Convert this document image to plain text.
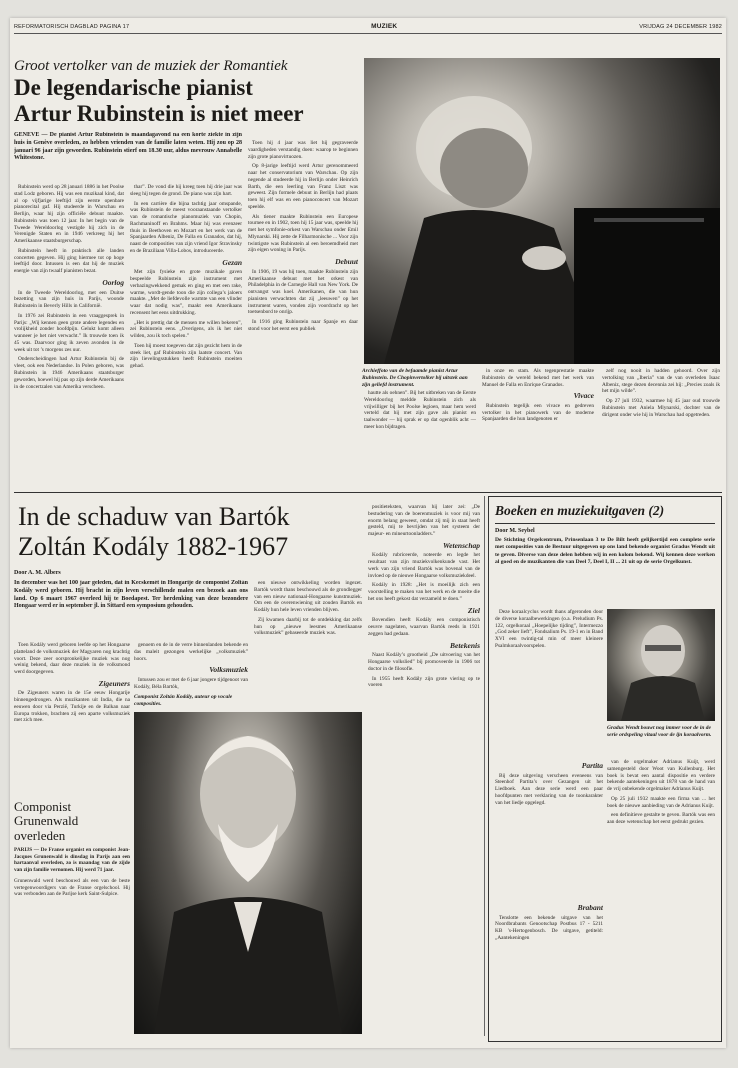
REFORMATORISCH DAGBLAD PAGINA 17	MUZIEK	VRIJDAG 24 DECEMBER 1982
Groot vertolker van de muziek der Romantiek
De legendarische pianist
Artur Rubinstein is niet meer
GENEVE — De pianist Artur Rubinstein is maandagavond na een korte ziekte in zijn huis in Genève overleden, zo hebben vrienden van de familie laten weten. Hij zou op 28 januari 96 jaar zijn geworden. Rubinstein stierf om 18.30 uur, aldus mevrouw Annabelle Whitestone.

Rubinstein werd op 28 januari 1886 in het Poolse stad Lodz geboren. Hij was een muzikaal kind, dat al op vijfjarige leeftijd zijn eerste openbare pianorecital gaf. Hij studeerde in Warschau en Berlijn, waar hij zijn officiële debuut maakte. Rubinstein was toen 12 jaar. In het begin van de Tweede Wereldoorlog vestigde hij zich in de Verenigde Staten en in 1946 verkreeg hij het Amerikaanse staatsburgerschap.

Rubinstein heeft in praktisch alle landen concerten gegeven. Hij ging hiermee tot op hoge leeftijd door. Intussen is een dat hij de muziek energie van zijn twaalf pianisten bezat.

Oorlog

In de Tweede Wereldoorlog, met een Duitse bezetting van zijn huis in Parijs, woonde Rubinstein in Beverly Hills in Californië.

In 1976 zei Rubinstein in een vraaggesprek in Parijs: „Wij kennen geen grote andere legendes en vrolijkheid zonder hoofdpijn. Gelukt komt alleen wanneer je het niet verwacht.” Ik trouwde toen ik 45 was. Daarvoor ging ik zeven avonden in de week uit tot ’s morgens zes uur.

Onderscheidingen had Artur Rubinstein bij de vleet, ook een Nederlandse. In Polen geboren, was Rubinstein in 1946 Amerikaans staatsburger geworden, hoewel hij pas op zijn derde Amerikaans in de concertzalen van Amerika verscheen.

thar”. De vond die hij kreeg toen hij drie jaar was sleeg hij tegen de grond. De piano was zijn hart.

In een carrière die bijna tachtig jaar omspande, was Rubinstein de meest vooraanstaande vertolker van de romantische pianomuziek van Chopin, Rachmaninoff en Brahms. Maar hij was evenzeer thuis in Beethoven en Mozart en het werk van de Spanjaarden Albeniz, De Falla en Granados, dat hij, naast de composities van zijn vriend Igor Stravinsky en de Braziliaan Villa-Lobos, introduceerde.

Gezan

Met zijn fysieke en grote muzikale gaven bespeelde Rubinstein zijn instrument met verbazingwekkend gemak en ging en met een rake, warme, wordt-gende toon die zijn collega’s jaloers maakte. „Met de liefdevolle warmte van een vlinder waar dat nodig was”, maakt een Amerikaans recensent het eens uitdrukking.

„Het is prettig dat de mensen me willen bekeren”, zei Rubinstein eens. „Overigens, als ik het niet wilden, zou ik toch spelen.”

Toen hij moest toegeven dat zijn gezicht hem in de steek liet, gaf Rubinstein zijn laatste concert. Van zijn lievelingsstukken heeft Rubinstein moeiten gehad.

Toen hij 4 jaar was liet hij gegraveerde vaardigheden verstandig doen: waarop te beginnen zijn grote pianovirtuozen.

Op 8-jarige leeftijd werd Artur gerenommeerd naar het conservatorium van Warschau. Op zijn negende al studeerde hij in Berlijn onder Heinrich Barth, die een leerling van Franz Liszt was geweest. Zijn formele debuut in Berlijn had plaats toen hij elf was en een pianoconcert van Mozart speelde.

Als tiener maakte Rubinstein een Europese tournee en in 1902, toen hij 15 jaar was, speelde hij met het symfonie-orkest van Warschau onder Emil Mlynarski. Hij zette de Filharmonische ... Voor zijn twintigste was Rubinstein al een beroemdheid met zijn eigen woning in Parijs.

Debuut

In 1906, 19 was hij toen, maakte Rubinstein zijn Amerikaanse debuut met het orkest van Philadelphia in de Carnegie Hall van New York. De ontvangst was koel. Amerikanen, die van hun pianisten verwachtten dat zij „leeuwen” op het instrument waren, vonden zijn voordracht op het toetsenbord te onrijp.

In 1916 ging Rubinstein naar Spanje en daar stond voor het eerst een publiek

Archieffoto van de befaamde pianist Artur Rubinstein. De Chopinvertolker bij uitstek aan zijn geliefd instrument.

hautte als oehnen”. Bij het uitbreken van de Eerste Wereldoorlog meldde Rubinstein zich als vrijwilliger bij het Poolse legioen, maar hem werd verteld dat hij met zijn gave als pianist en taalwonder — hij sprak er op dat ogenblik acht — meer kon bijdragen.

in onze en stam. Als tegenprestatie maakte Rubinstein de wereld bekend met het werk van Manuel de Falla en Enrique Granados.

Vivace

Rubinstein tegelijk een vivace en gedreven vertolker in het pianowerk van de moderne Spanjaarden die hun landgenoten er

zelf nog nooit in hadden gehoord. Over zijn vertolking van „Iberia” van de van overleden Isaac Albeniz, stege dezen decennia zei hij: „Precies zoals ik het mijn wilde”.

Op 27 juli 1932, waarmee hij 45 jaar oud trouwde Rubinstein met Aniela Mlynarski, dochter van de dirigent onder wie hij in Warschau had opgetreden.

In de schaduw van Bartók
Zoltán Kodály 1882-1967
Door A. M. Albers
In december was het 100 jaar geleden, dat in Kecskemét in Hongarije de componist Zoltán Kodály werd geboren. Hij bracht in zijn leven verschillende malen een bezoek aan ons land. Op 6 maart 1967 overleed hij te Boedapest. Ter herdenking van deze bezondere Hongaar werd er in september jl. in Sittard een symposium gehouden.

Toen Kodály werd geboren leefde op het Hongaarse platteland de volksmuziek der Magyaren nog krachtig voort. Deze zeer oorspronkelijke muziek was nog weinig bekend, daar deze muziek in de volksmond werd doorgegeven.

Zigeuners

De Zigeuners waren in de 15e eeuw Hongarije binnengedrongen. Als muzikanten uit India, die na eeuwen door via Perzië, Turkije en de Balkan naar Europa trokken, brachten zij een aparte volksmuziek met zich mee.

genoem en de in de verre binnenlanden bekende en das maleit gezongen werkelijke „volksmuziek” hoors.

Volksmuziek

Intussen zou er met de 6 jaar jongere tijdgenoot van Kodály, Béla Bartók,

Componist Zoltán Kodály, auteur op vocale composities.

een nieuwe ontwikkeling worden ingezet. Bartók wordt thans beschouwd als de grondlegger van een nieuw nationaal-Hongaarse kunstmuziek. Om een de overenwiening uit zouden Bartók en Kodály hun hele leven vrienden blijven.

Zij kwamen daarbij tot de ontdekking dat zelfs hun op „nieuwe leesmes Amerikaanse volksmuziek” gebaseerde muziek was.

Componist Grunenwald overleden
PARIJS — De Franse organist en componist Jean-Jacques Grunenwald is dinsdag in Parijs aan een hartaanval overleden, zo is maandag van de zijde van zijn familie vernomen. Hij werd 71 jaar.
Grunenwald werd beschouwd als een van de beste vertegenwoordigers van de Franse orgelschool. Hij was verbonden aan de Parijse kerk Saint-Sulpice.

positieteksten, waarvan hij later zei: „De bestudering van de boerenmuziek is voor mij van enorm belang geweest, omdat zij mij in staat heeft gesteld, mij te bevrijden van het systeem der majeur- en mineurtoonladders.”

Wetenschap

Kodály rubriceerde, noteerde en legde het resultaat van zijn muziekvolkenkunde vast. Het werk van zijn vriend Bartók was bovenal van de invloed op de nieuwe Hongaarse volksmuziekdeel.

Kodály in 1928: „Het is moeilijk zich een voorstelling te maken van het werk en de moeite die het ons heeft gekost dat verzameld te doen.”

Ziel

Bovendien heeft Kodály een componistisch oeuvre nagelaten, waarvan Bartók reeds in 1921 zeggen had gedaan.

Betekenis

Naast Kodály’s grootheid „De uitvoering van het Hongaarse volkslied” bij promoveerde in 1906 tot doctor in de filosofie.

In 1955 heeft Kodály zijn grote viering op te voeren

Boeken en muziekuitgaven (2)
Door M. Seybel
De Stichting Orgelcentrum, Prinsenlaan 3 te De Bilt heeft gelijkertijd een complete serie met composities van de Bestuur uitgegeven op ons land bekende organist Gradus Wendt uit te geven. Diverse van deze delen hebben wij in een kolom bekend. Wij kennen deze werken al goed en de muzikanten die van Deel 7, Deel I, II ... 21 uit op de serie Orgelkunst.

Deze koraalcyclus wordt thans afgeronden door de diverse koraalbewerkingen (o.a. Preludium Ps. 122, orgelkoraal „Hoepelijke tijding”, Intermezzo „God zeker lieft”, Fondsalium Ps. 19-1 en in Band XVI een twintig-tal min of meer kleinere Psalmkoraalvoorspelen.

Gradus Wendt bouwt nog immer voor de in de serie ordspeling vitaal voor de ijn koraalvorm.
Partita

Bij deze uitgeving verscheen eveneens van Steenhof Partita’s over Gezangen uit het Liedboek. Aan deze serie werd een paar hoofdpunten met verklaring van de toonkarakter van het liedje opgelegd.

van de orgelmaker Adrianus Kuijt, werd samengesteld door Woot van Kullenburg. Het boek is bevat een aantal dispositie en verdere bekende aantekeningen uit 1878 van de hand van de vrij onbekende orgelmaker Adrianus Kuijt.

Op 25 juli 1932 maakte een firma van ... het boek de nieuwe aanbieding van de Adrianus Kuijt.

een definitieve gestalte te geven. Bartók was een aan deze wetenschap het eerst gedrukt gezien.

Brabant

Tenslotte een bekende uitgave van het Noordbrabants Genootschap Postbus 17 - 5211 KB 's-Hertogenbosch. De uitgave, getiteld: „Aantekeningen
